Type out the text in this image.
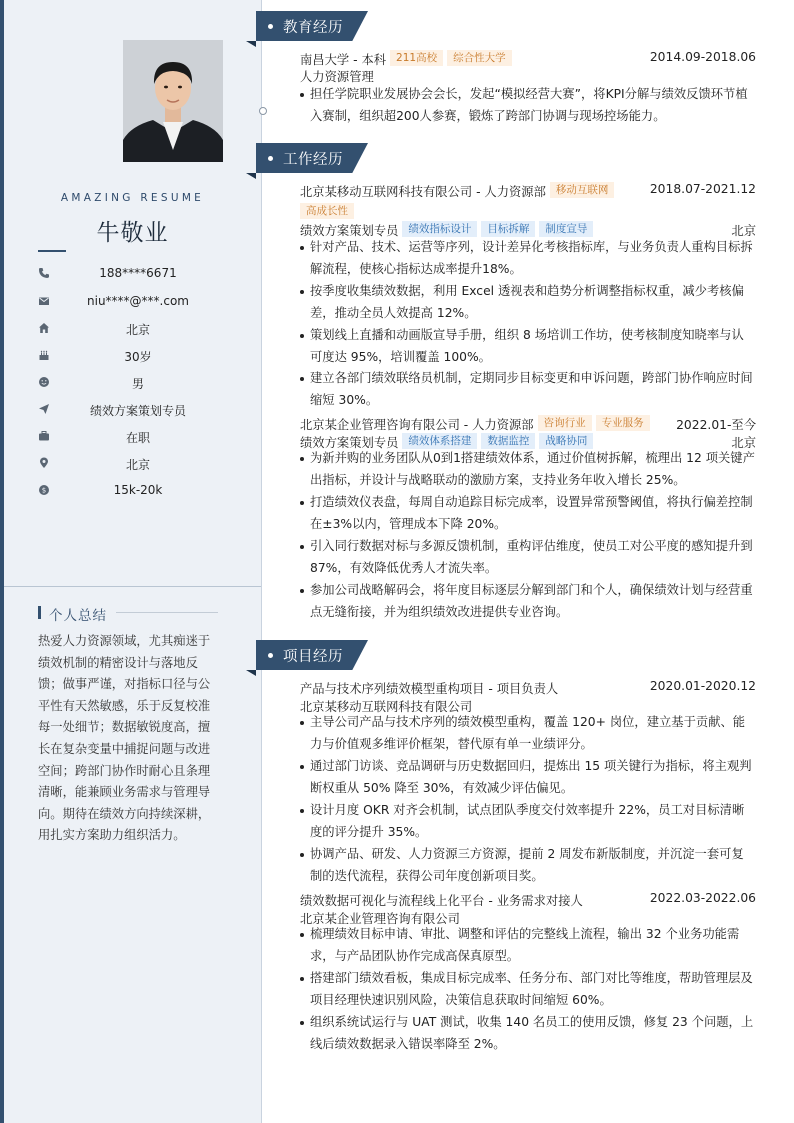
AMAZING RESUME
牛敬业
188****6671
niu****@***.com
北京
30岁
男
绩效方案策划专员
在职
北京
$	15k-20k
个人总结
热爱人力资源领域，尤其痴迷于绩效机制的精密设计与落地反馈；做事严谨，对指标口径与公平性有天然敏感，乐于反复校准每一处细节；数据敏锐度高，擅长在复杂变量中捕捉问题与改进空间；跨部门协作时耐心且条理清晰，能兼顾业务需求与管理导向。期待在绩效方向持续深耕，用扎实方案助力组织活力。
教育经历
南昌大学 - 本科 211高校 综合性大学	2014.09-2018.06
人力资源管理
担任学院职业发展协会会长，发起“模拟经营大赛”，将KPI分解与绩效反馈环节植入赛制，组织超200人参赛，锻炼了跨部门协调与现场控场能力。
工作经历
北京某移动互联网科技有限公司 - 人力资源部 移动互联网	2018.07-2021.12
高成长性
绩效方案策划专员 绩效指标设计 目标拆解 制度宣导	北京
针对产品、技术、运营等序列，设计差异化考核指标库，与业务负责人重构目标拆解流程，使核心指标达成率提升18%。
按季度收集绩效数据，利用 Excel 透视表和趋势分析调整指标权重，减少考核偏差，推动全员人效提高 12%。
策划线上直播和动画版宣导手册，组织 8 场培训工作坊，使考核制度知晓率与认可度达 95%，培训覆盖 100%。
建立各部门绩效联络员机制，定期同步目标变更和申诉问题，跨部门协作响应时间缩短 30%。
北京某企业管理咨询有限公司 - 人力资源部 咨询行业 专业服务	2022.01-至今
绩效方案策划专员 绩效体系搭建 数据监控 战略协同	北京
为新并购的业务团队从0到1搭建绩效体系，通过价值树拆解，梳理出 12 项关键产出指标，并设计与战略联动的激励方案，支持业务年收入增长 25%。
打造绩效仪表盘，每周自动追踪目标完成率，设置异常预警阈值，将执行偏差控制在±3%以内，管理成本下降 20%。
引入同行数据对标与多源反馈机制，重构评估维度，使员工对公平度的感知提升到 87%，有效降低优秀人才流失率。
参加公司战略解码会，将年度目标逐层分解到部门和个人，确保绩效计划与经营重点无缝衔接，并为组织绩效改进提供专业咨询。
项目经历
产品与技术序列绩效模型重构项目 - 项目负责人	2020.01-2020.12
北京某移动互联网科技有限公司
主导公司产品与技术序列的绩效模型重构，覆盖 120+ 岗位，建立基于贡献、能力与价值观多维评价框架，替代原有单一业绩评分。
通过部门访谈、竞品调研与历史数据回归，提炼出 15 项关键行为指标，将主观判断权重从 50% 降至 30%，有效减少评估偏见。
设计月度 OKR 对齐会机制，试点团队季度交付效率提升 22%，员工对目标清晰度的评分提升 35%。
协调产品、研发、人力资源三方资源，提前 2 周发布新版制度，并沉淀一套可复制的迭代流程，获得公司年度创新项目奖。
绩效数据可视化与流程线上化平台 - 业务需求对接人	2022.03-2022.06
北京某企业管理咨询有限公司
梳理绩效目标申请、审批、调整和评估的完整线上流程，输出 32 个业务功能需求，与产品团队协作完成高保真原型。
搭建部门绩效看板，集成目标完成率、任务分布、部门对比等维度，帮助管理层及项目经理快速识别风险，决策信息获取时间缩短 60%。
组织系统试运行与 UAT 测试，收集 140 名员工的使用反馈，修复 23 个问题，上线后绩效数据录入错误率降至 2%。
